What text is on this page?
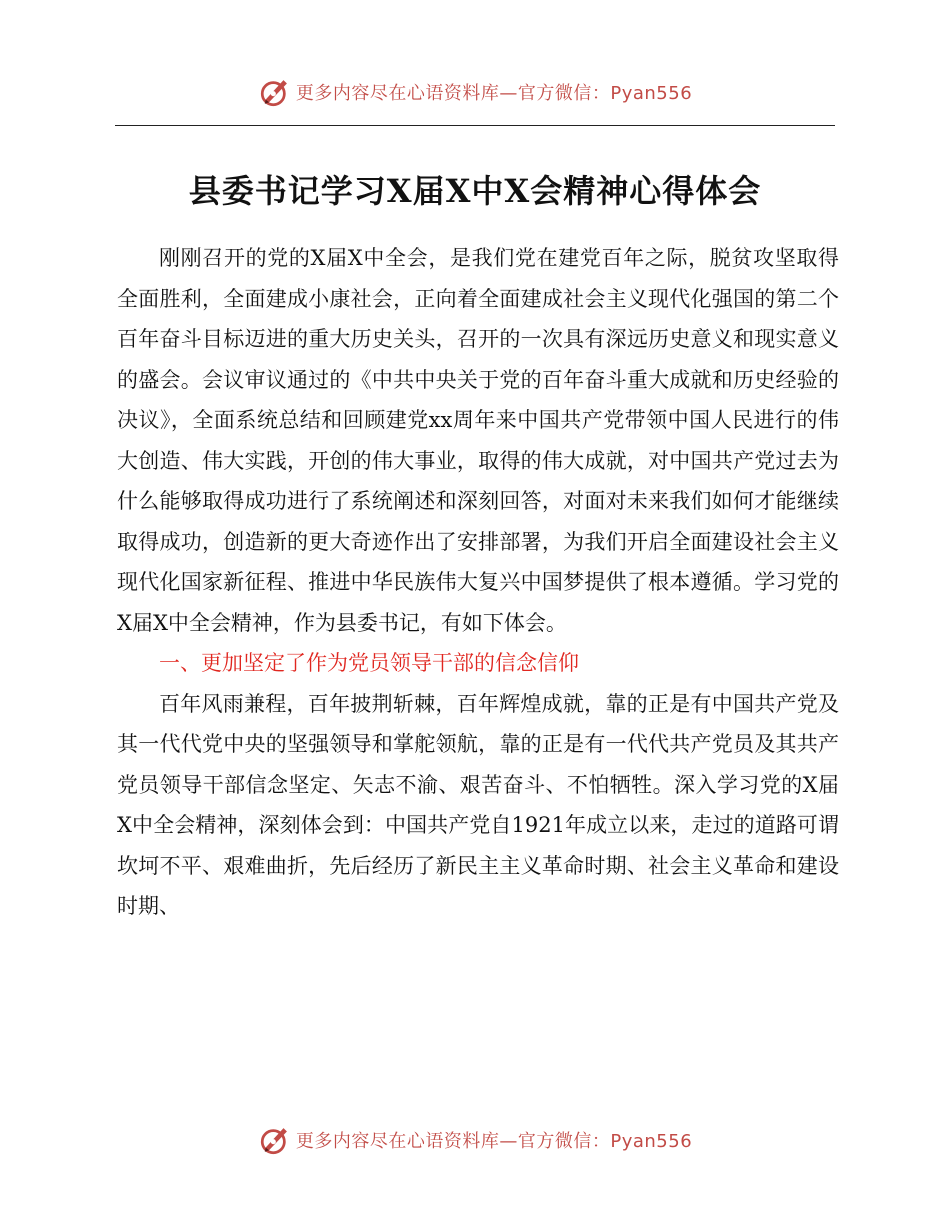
更多内容尽在心语资料库—官方微信：Pyan556
县委书记学习X届X中X会精神心得体会

刚刚召开的党的X届X中全会，是我们党在建党百年之际，脱贫攻坚取得全面胜利，全面建成小康社会，正向着全面建成社会主义现代化强国的第二个百年奋斗目标迈进的重大历史关头，召开的一次具有深远历史意义和现实意义的盛会。会议审议通过的《中共中央关于党的百年奋斗重大成就和历史经验的决议》，全面系统总结和回顾建党xx周年来中国共产党带领中国人民进行的伟大创造、伟大实践，开创的伟大事业，取得的伟大成就，对中国共产党过去为什么能够取得成功进行了系统阐述和深刻回答，对面对未来我们如何才能继续取得成功，创造新的更大奇迹作出了安排部署，为我们开启全面建设社会主义现代化国家新征程、推进中华民族伟大复兴中国梦提供了根本遵循。学习党的X届X中全会精神，作为县委书记，有如下体会。

一、更加坚定了作为党员领导干部的信念信仰

百年风雨兼程，百年披荆斩棘，百年辉煌成就，靠的正是有中国共产党及其一代代党中央的坚强领导和掌舵领航，靠的正是有一代代共产党员及其共产党员领导干部信念坚定、矢志不渝、艰苦奋斗、不怕牺牲。深入学习党的X届X中全会精神，深刻体会到：中国共产党自1921年成立以来，走过的道路可谓坎坷不平、艰难曲折，先后经历了新民主主义革命时期、社会主义革命和建设时期、

更多内容尽在心语资料库—官方微信：Pyan556
